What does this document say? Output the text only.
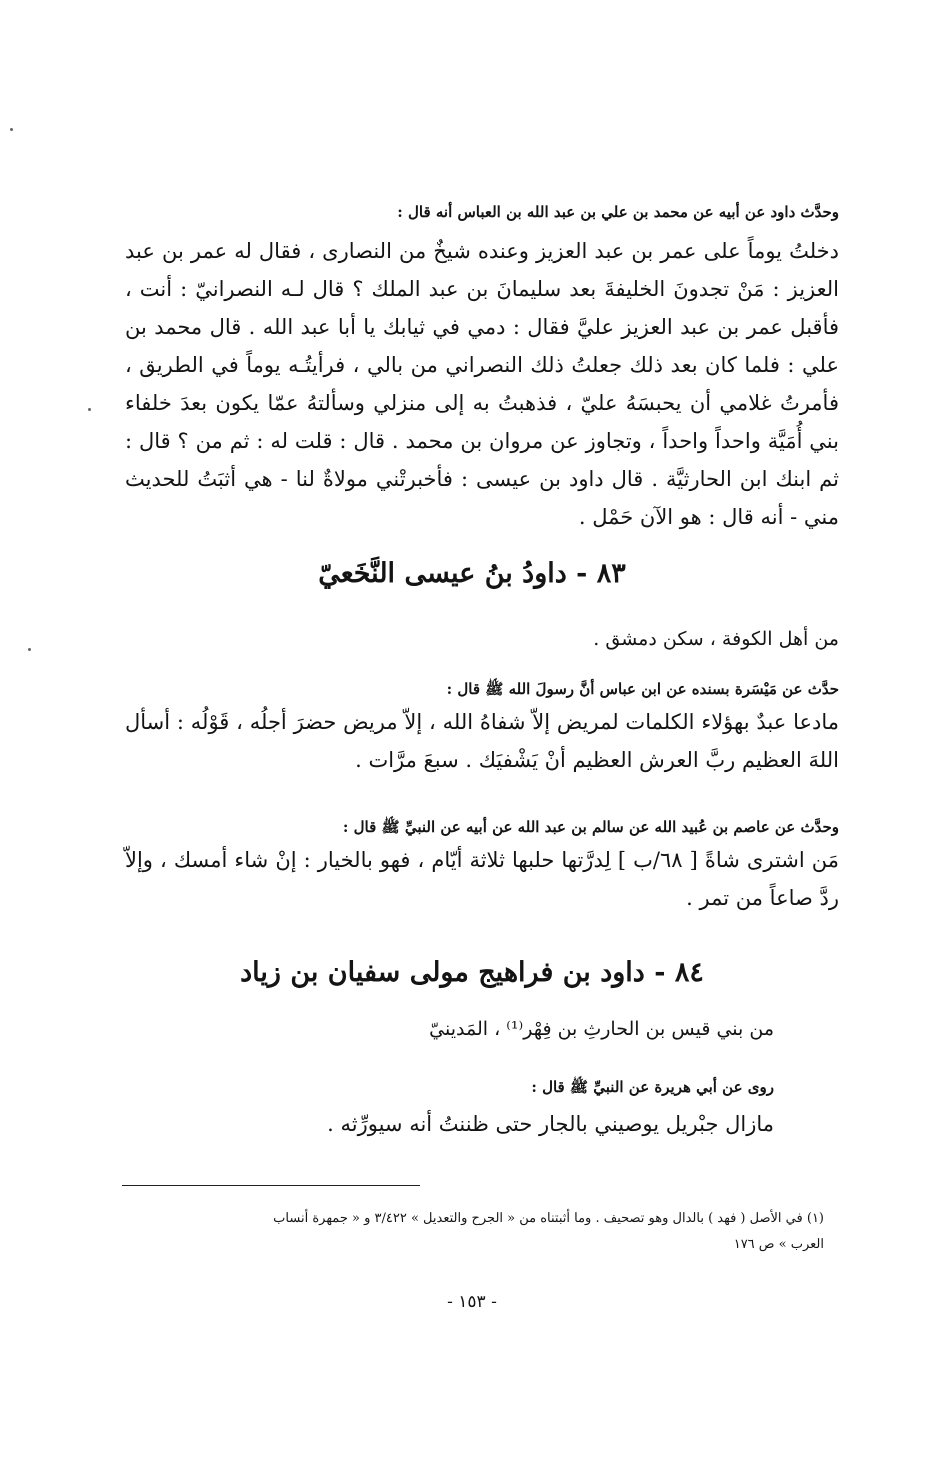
وحدَّث داود عن أبيه عن محمد بن علي بن عبد الله بن العباس أنه قال :
دخلتُ يوماً على عمر بن عبد العزيز وعنده شيخٌ من النصارى ، فقال له عمر بن عبد العزيز : مَنْ تجدونَ الخليفةَ بعد سليمانَ بن عبد الملك ؟ قال لـه النصرانيّ : أنت ، فأقبل عمر بن عبد العزيز عليَّ فقال : دمي في ثيابك يا أبا عبد الله . قال محمد بن علي : فلما كان بعد ذلك جعلتُ ذلك النصراني من بالي ، فرأيتُـه يوماً في الطريق ، فأمرتُ غلامي أن يحبسَهُ عليّ ، فذهبتُ به إلى منزلي وسألتهُ عمّا يكون بعدَ خلفاء بني أُمَيَّة واحداً واحداً ، وتجاوز عن مروان بن محمد . قال : قلت له : ثم من ؟ قال : ثم ابنك ابن الحارثيَّة . قال داود بن عيسى : فأخبرتْني مولاةٌ لنا - هي أثبَتُ للحديث مني - أنه قال : هو الآن حَمْل .
٨٣ - داودُ بنُ عيسى النَّخَعيّ
من أهل الكوفة ، سكن دمشق .
حدَّث عن مَيْسَرة بسنده عن ابن عباس أنَّ رسولَ الله ﷺ قال :
مادعا عبدٌ بهؤلاء الكلمات لمريض إلاّ شفاهُ الله ، إلاّ مريض حضرَ أجلُه ، قَوْلُه : أسأل اللهَ العظيم ربَّ العرش العظيم أنْ يَشْفيَك . سبعَ مرَّات .
وحدَّث عن عاصم بن عُبيد الله عن سالم بن عبد الله عن أبيه عن النبيِّ ﷺ قال :
مَن اشترى شاةً [ ٦٨/ب ] لِدرَّتها حلبها ثلاثة أيّام ، فهو بالخيار : إنْ شاء أمسك ، وإلاّ ردَّ صاعاً من تمر .
٨٤ - داود بن فراهيج مولى سفيان بن زياد
من بني قيس بن الحارثِ بن فِهْر⁽¹⁾ ، المَدينيّ
روى عن أبي هريرة عن النبيِّ ﷺ قال :
مازال جبْريل يوصيني بالجار حتى ظننتُ أنه سيورِّثه .
(١) في الأصل ( فهد ) بالدال وهو تصحيف . وما أثبتناه من « الجرح والتعديل » ٣/٤٢٢ و « جمهرة أنساب
العرب » ص ١٧٦
- ١٥٣ -
